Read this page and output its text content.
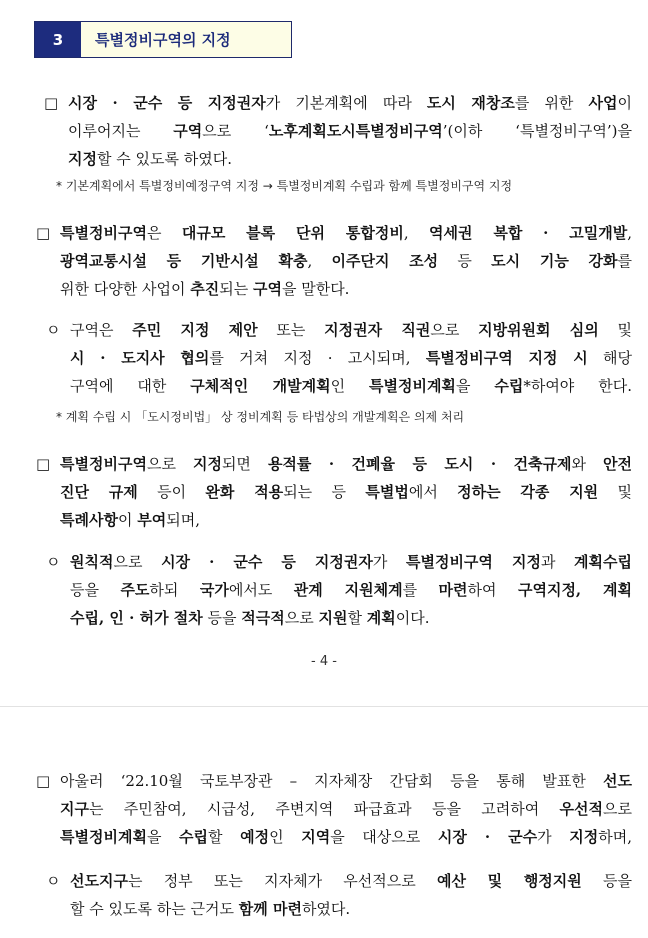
3	특별정비구역의 지정
□ 시장 · 군수 등 지정권자가 기본계획에 따라 도시 재창조를 위한 사업이
이루어지는 구역으로 ‘노후계획도시특별정비구역’(이하 ‘특별정비구역’)을
지정할 수 있도록 하였다.
* 기본계획에서 특별정비예정구역 지정 → 특별정비계획 수립과 함께 특별정비구역 지정
□ 특별정비구역은 대규모 블록 단위 통합정비, 역세권 복합 · 고밀개발,
광역교통시설 등 기반시설 확충, 이주단지 조성 등 도시 기능 강화를
위한 다양한 사업이 추진되는 구역을 말한다.
ㅇ 구역은 주민 지정 제안 또는 지정권자 직권으로 지방위원회 심의 및
시 · 도지사 협의를 거쳐 지정 · 고시되며, 특별정비구역 지정 시 해당
구역에 대한 구체적인 개발계획인 특별정비계획을 수립*하여야 한다.
* 계획 수립 시 「도시정비법」 상 정비계획 등 타법상의 개발계획은 의제 처리
□ 특별정비구역으로 지정되면 용적률 · 건폐율 등 도시 · 건축규제와 안전
진단 규제 등이 완화 적용되는 등 특별법에서 정하는 각종 지원 및
특례사항이 부여되며,
ㅇ 원칙적으로 시장 · 군수 등 지정권자가 특별정비구역 지정과 계획수립
등을 주도하되 국가에서도 관계 지원체계를 마련하여 구역지정, 계획
수립, 인 · 허가 절차 등을 적극적으로 지원할 계획이다.
- 4 -
□ 아울러 ‘22.10월 국토부장관 – 지자체장 간담회 등을 통해 발표한 선도
지구는 주민참여, 시급성, 주변지역 파급효과 등을 고려하여 우선적으로
특별정비계획을 수립할 예정인 지역을 대상으로 시장 · 군수가 지정하며,
ㅇ 선도지구는 정부 또는 지자체가 우선적으로 예산 및 행정지원 등을
할 수 있도록 하는 근거도 함께 마련하였다.
